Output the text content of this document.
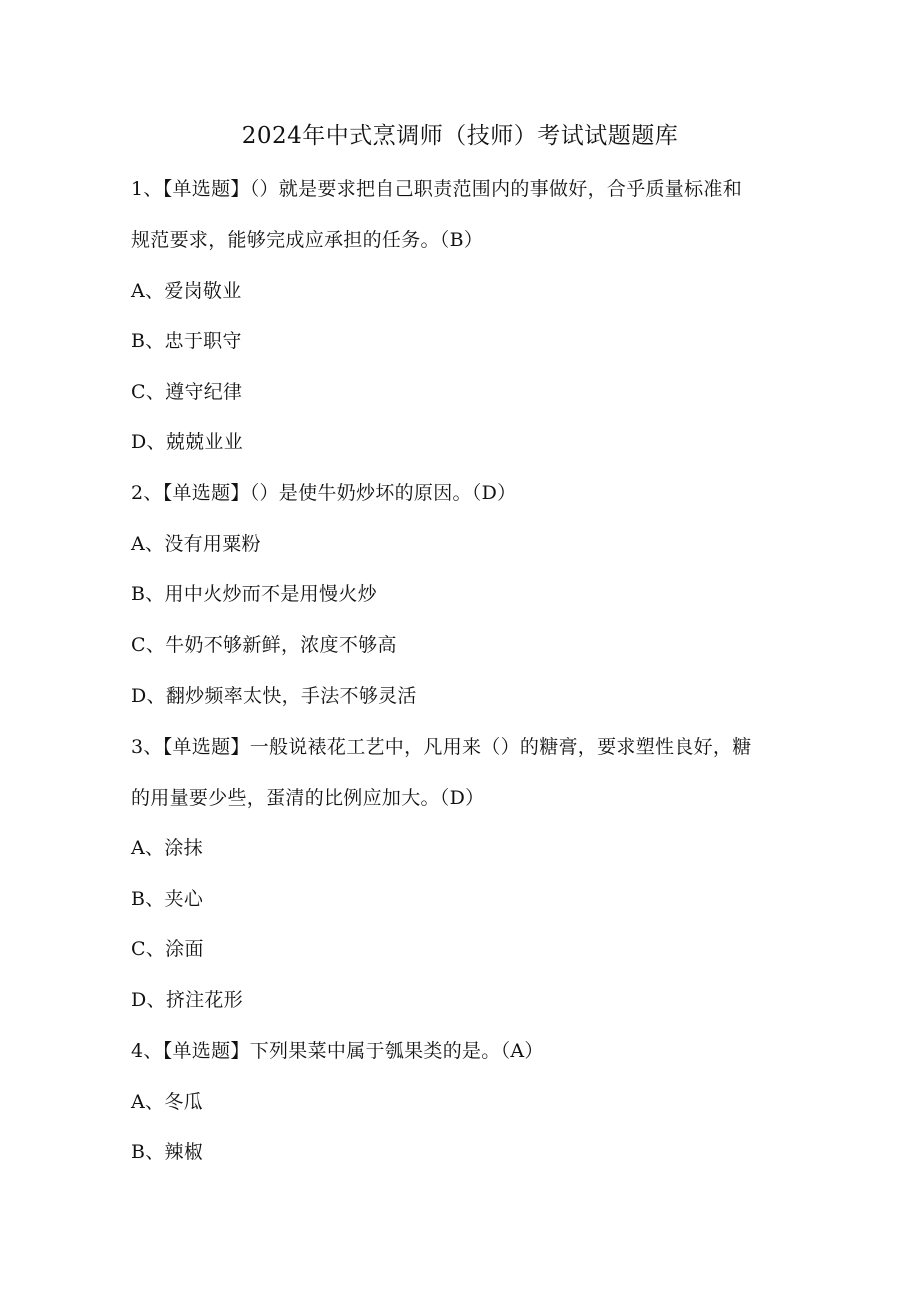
2024年中式烹调师（技师）考试试题题库
1、【单选题】（）就是要求把自己职责范围内的事做好，合乎质量标准和
规范要求，能够完成应承担的任务。（B）
A、爱岗敬业
B、忠于职守
C、遵守纪律
D、兢兢业业
2、【单选题】（）是使牛奶炒坏的原因。（D）
A、没有用粟粉
B、用中火炒而不是用慢火炒
C、牛奶不够新鲜，浓度不够高
D、翻炒频率太快，手法不够灵活
3、【单选题】一般说裱花工艺中，凡用来（）的糖膏，要求塑性良好，糖
的用量要少些，蛋清的比例应加大。（D）
A、涂抹
B、夹心
C、涂面
D、挤注花形
4、【单选题】下列果菜中属于瓠果类的是。（A）
A、冬瓜
B、辣椒
